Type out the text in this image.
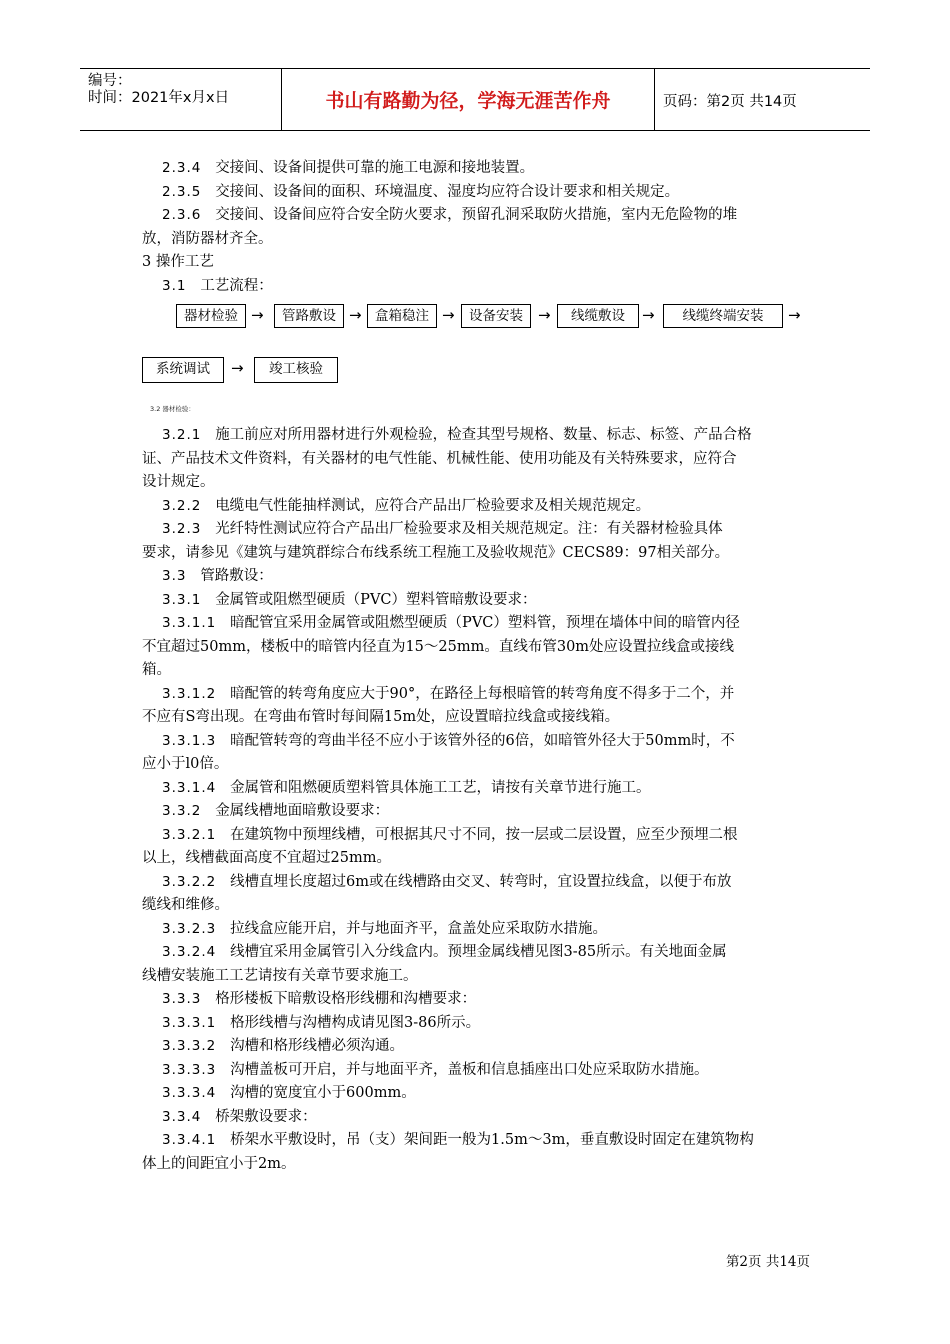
编号：
时间：2021年x月x日	书山有路勤为径，学海无涯苦作舟	页码：第2页 共14页

2.3.4 交接间、设备间提供可靠的施工电源和接地装置。

2.3.5 交接间、设备间的面积、环境温度、湿度均应符合设计要求和相关规定。

2.3.6 交接间、设备间应符合安全防火要求，预留孔洞采取防火措施，室内无危险物的堆

放，消防器材齐全。

3 操作工艺

3.1 工艺流程：

器材检验 →	管路敷设 → 盒箱稳注 →	设备安装	→	线缆敷设	→	线缆终端安装	→
系统调试	→	竣工核验
3.2 器材检验：

3.2.1 施工前应对所用器材进行外观检验，检查其型号规格、数量、标志、标签、产品合格

证、产品技术文件资料，有关器材的电气性能、机械性能、使用功能及有关特殊要求，应符合

设计规定。

3.2.2 电缆电气性能抽样测试，应符合产品出厂检验要求及相关规范规定。

3.2.3 光纤特性测试应符合产品出厂检验要求及相关规范规定。注：有关器材检验具体

要求，请参见《建筑与建筑群综合布线系统工程施工及验收规范》CECS89：97相关部分。

3.3 管路敷设：

3.3.1 金属管或阻燃型硬质（PVC）塑料管暗敷设要求：

3.3.1.1 暗配管宜采用金属管或阻燃型硬质（PVC）塑料管，预埋在墙体中间的暗管内径

不宜超过50mm，楼板中的暗管内径直为15～25mm。直线布管30m处应设置拉线盒或接线

箱。

3.3.1.2 暗配管的转弯角度应大于90°，在路径上每根暗管的转弯角度不得多于二个，并

不应有S弯出现。在弯曲布管时每间隔15m处，应设置暗拉线盒或接线箱。

3.3.1.3 暗配管转弯的弯曲半径不应小于该管外径的6倍，如暗管外径大于50mm时，不

应小于l0倍。

3.3.1.4 金属管和阻燃硬质塑料管具体施工工艺，请按有关章节进行施工。

3.3.2 金属线槽地面暗敷设要求：

3.3.2.1 在建筑物中预埋线槽，可根据其尺寸不同，按一层或二层设置，应至少预埋二根

以上，线槽截面高度不宜超过25mm。

3.3.2.2 线槽直埋长度超过6m或在线槽路由交叉、转弯时，宜设置拉线盒，以便于布放

缆线和维修。

3.3.2.3 拉线盒应能开启，并与地面齐平，盒盖处应采取防水措施。

3.3.2.4 线槽宜采用金属管引入分线盒内。预埋金属线槽见图3-85所示。有关地面金属

线槽安装施工工艺请按有关章节要求施工。

3.3.3 格形楼板下暗敷设格形线棚和沟槽要求：

3.3.3.1 格形线槽与沟槽构成请见图3-86所示。

3.3.3.2 沟槽和格形线槽必须沟通。

3.3.3.3 沟槽盖板可开启，并与地面平齐，盖板和信息插座出口处应采取防水措施。

3.3.3.4 沟槽的宽度宜小于600mm。

3.3.4 桥架敷设要求：

3.3.4.1 桥架水平敷设时，吊（支）架间距一般为1.5m～3m，垂直敷设时固定在建筑物构

体上的间距宜小于2m。

第2页 共14页
